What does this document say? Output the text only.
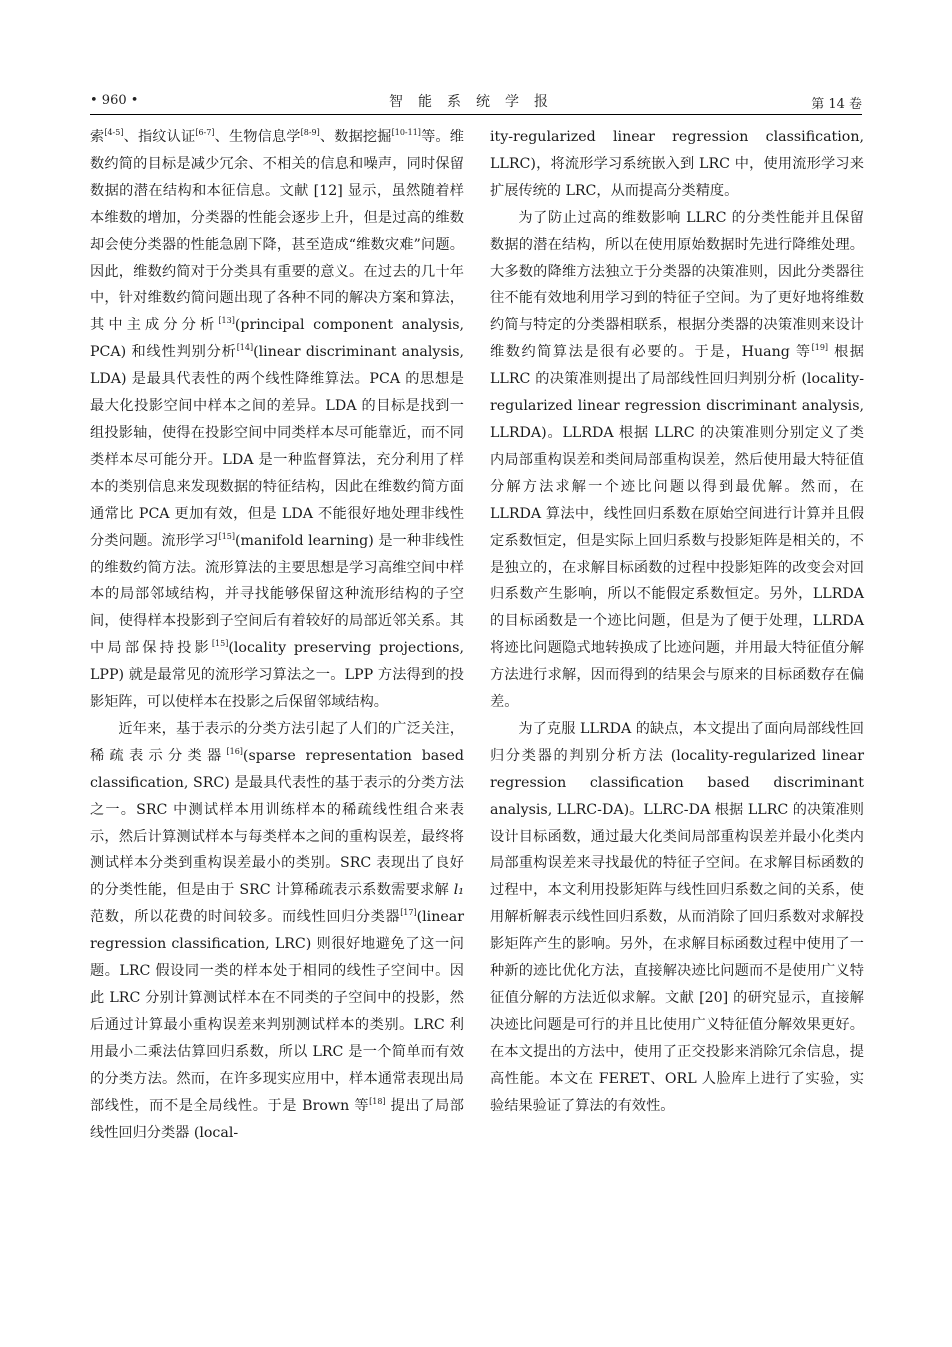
• 960 •	智能系统学报	第 14 卷

索[4-5]、指纹认证[6-7]、生物信息学[8-9]、数据挖掘[10-11]等。维数约简的目标是减少冗余、不相关的信息和噪声，同时保留数据的潜在结构和本征信息。文献 [12] 显示，虽然随着样本维数的增加，分类器的性能会逐步上升，但是过高的维数却会使分类器的性能急剧下降，甚至造成“维数灾难”问题。因此，维数约简对于分类具有重要的意义。在过去的几十年中，针对维数约简问题出现了各种不同的解决方案和算法，其中主成分分析[13](principal component analysis, PCA) 和线性判别分析[14](linear discriminant analysis, LDA) 是最具代表性的两个线性降维算法。PCA 的思想是最大化投影空间中样本之间的差异。LDA 的目标是找到一组投影轴，使得在投影空间中同类样本尽可能靠近，而不同类样本尽可能分开。LDA 是一种监督算法，充分利用了样本的类别信息来发现数据的特征结构，因此在维数约简方面通常比 PCA 更加有效，但是 LDA 不能很好地处理非线性分类问题。流形学习[15](manifold learning) 是一种非线性的维数约简方法。流形算法的主要思想是学习高维空间中样本的局部邻域结构，并寻找能够保留这种流形结构的子空间，使得样本投影到子空间后有着较好的局部近邻关系。其中局部保持投影[15](locality preserving projections, LPP) 就是最常见的流形学习算法之一。LPP 方法得到的投影矩阵，可以使样本在投影之后保留邻域结构。

近年来，基于表示的分类方法引起了人们的广泛关注，稀疏表示分类器[16](sparse representation based classification, SRC) 是最具代表性的基于表示的分类方法之一。SRC 中测试样本用训练样本的稀疏线性组合来表示，然后计算测试样本与每类样本之间的重构误差，最终将测试样本分类到重构误差最小的类别。SRC 表现出了良好的分类性能，但是由于 SRC 计算稀疏表示系数需要求解 l₁ 范数，所以花费的时间较多。而线性回归分类器[17](linear regression classification, LRC) 则很好地避免了这一问题。LRC 假设同一类的样本处于相同的线性子空间中。因此 LRC 分别计算测试样本在不同类的子空间中的投影，然后通过计算最小重构误差来判别测试样本的类别。LRC 利用最小二乘法估算回归系数，所以 LRC 是一个简单而有效的分类方法。然而，在许多现实应用中，样本通常表现出局部线性，而不是全局线性。于是 Brown 等[18] 提出了局部线性回归分类器 (local-

ity-regularized linear regression classification, LLRC)，将流形学习系统嵌入到 LRC 中，使用流形学习来扩展传统的 LRC，从而提高分类精度。

为了防止过高的维数影响 LLRC 的分类性能并且保留数据的潜在结构，所以在使用原始数据时先进行降维处理。大多数的降维方法独立于分类器的决策准则，因此分类器往往不能有效地利用学习到的特征子空间。为了更好地将维数约简与特定的分类器相联系，根据分类器的决策准则来设计维数约简算法是很有必要的。于是，Huang 等[19] 根据 LLRC 的决策准则提出了局部线性回归判别分析 (locality-regularized linear regression discriminant analysis, LLRDA)。LLRDA 根据 LLRC 的决策准则分别定义了类内局部重构误差和类间局部重构误差，然后使用最大特征值分解方法求解一个迹比问题以得到最优解。然而，在 LLRDA 算法中，线性回归系数在原始空间进行计算并且假定系数恒定，但是实际上回归系数与投影矩阵是相关的，不是独立的，在求解目标函数的过程中投影矩阵的改变会对回归系数产生影响，所以不能假定系数恒定。另外，LLRDA 的目标函数是一个迹比问题，但是为了便于处理，LLRDA 将迹比问题隐式地转换成了比迹问题，并用最大特征值分解方法进行求解，因而得到的结果会与原来的目标函数存在偏差。

为了克服 LLRDA 的缺点，本文提出了面向局部线性回归分类器的判别分析方法 (locality-regularized linear regression classification based discriminant analysis, LLRC-DA)。LLRC-DA 根据 LLRC 的决策准则设计目标函数，通过最大化类间局部重构误差并最小化类内局部重构误差来寻找最优的特征子空间。在求解目标函数的过程中，本文利用投影矩阵与线性回归系数之间的关系，使用解析解表示线性回归系数，从而消除了回归系数对求解投影矩阵产生的影响。另外，在求解目标函数过程中使用了一种新的迹比优化方法，直接解决迹比问题而不是使用广义特征值分解的方法近似求解。文献 [20] 的研究显示，直接解决迹比问题是可行的并且比使用广义特征值分解效果更好。在本文提出的方法中，使用了正交投影来消除冗余信息，提高性能。本文在 FERET、ORL 人脸库上进行了实验，实验结果验证了算法的有效性。
